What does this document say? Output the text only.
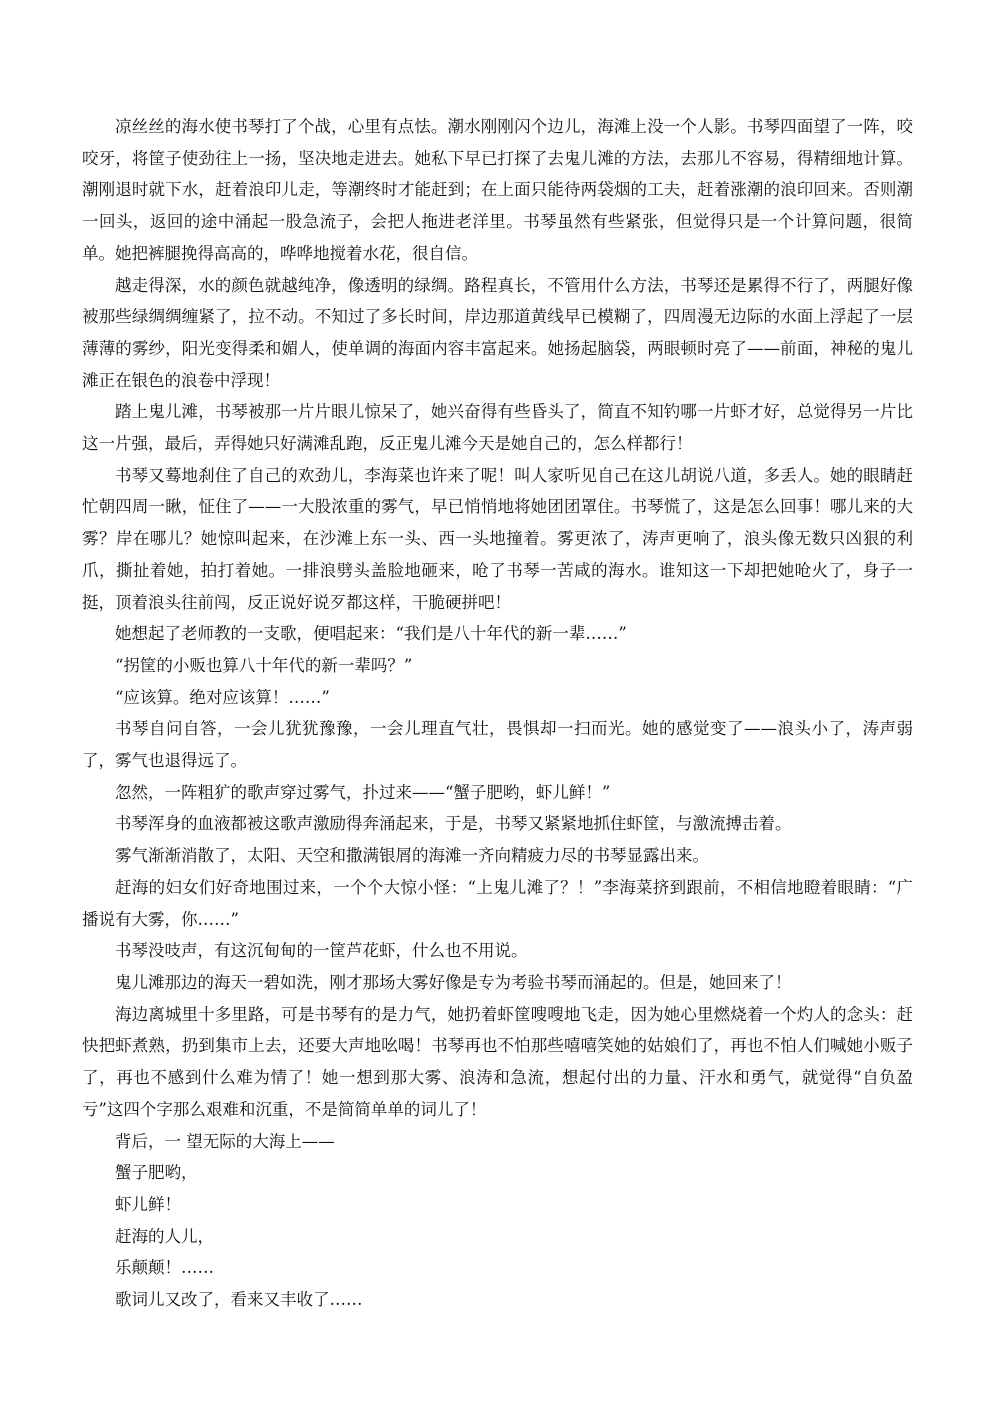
凉丝丝的海水使书琴打了个战，心里有点怯。潮水刚刚闪个边儿，海滩上没一个人影。书琴四面望了一阵，咬咬牙，将筐子使劲往上一扬，坚决地走进去。她私下早已打探了去鬼儿滩的方法，去那儿不容易，得精细地计算。潮刚退时就下水，赶着浪印儿走，等潮终时才能赶到；在上面只能待两袋烟的工夫，赶着涨潮的浪印回来。否则潮一回头，返回的途中涌起一股急流子，会把人拖进老洋里。书琴虽然有些紧张，但觉得只是一个计算问题，很简单。她把裤腿挽得高高的，哗哗地搅着水花，很自信。

越走得深，水的颜色就越纯净，像透明的绿绸。路程真长，不管用什么方法，书琴还是累得不行了，两腿好像被那些绿绸绸缠紧了，拉不动。不知过了多长时间，岸边那道黄线早已模糊了，四周漫无边际的水面上浮起了一层薄薄的雾纱，阳光变得柔和媚人，使单调的海面内容丰富起来。她扬起脑袋，两眼顿时亮了——前面，神秘的鬼儿滩正在银色的浪卷中浮现！

踏上鬼儿滩，书琴被那一片片眼儿惊呆了，她兴奋得有些昏头了，简直不知钓哪一片虾才好，总觉得另一片比这一片强，最后，弄得她只好满滩乱跑，反正鬼儿滩今天是她自己的，怎么样都行！

书琴又蓦地刹住了自己的欢劲儿，李海菜也许来了呢！叫人家听见自己在这儿胡说八道，多丢人。她的眼睛赶忙朝四周一瞅，怔住了——一大股浓重的雾气，早已悄悄地将她团团罩住。书琴慌了，这是怎么回事！哪儿来的大雾？岸在哪儿？她惊叫起来，在沙滩上东一头、西一头地撞着。雾更浓了，涛声更响了，浪头像无数只凶狠的利爪，撕扯着她，拍打着她。一排浪劈头盖脸地砸来，呛了书琴一苦咸的海水。谁知这一下却把她呛火了，身子一挺，顶着浪头往前闯，反正说好说歹都这样，干脆硬拼吧！

她想起了老师教的一支歌，便唱起来：“我们是八十年代的新一辈……”

“拐筐的小贩也算八十年代的新一辈吗？”

“应该算。绝对应该算！……”

书琴自问自答，一会儿犹犹豫豫，一会儿理直气壮，畏惧却一扫而光。她的感觉变了——浪头小了，涛声弱了，雾气也退得远了。

忽然，一阵粗犷的歌声穿过雾气，扑过来——“蟹子肥哟，虾儿鲜！”

书琴浑身的血液都被这歌声激励得奔涌起来，于是，书琴又紧紧地抓住虾筐，与激流搏击着。

雾气渐渐消散了，太阳、天空和撒满银屑的海滩一齐向精疲力尽的书琴显露出来。

赶海的妇女们好奇地围过来，一个个大惊小怪：“上鬼儿滩了？！”李海菜挤到跟前，不相信地瞪着眼睛：“广播说有大雾，你……”

书琴没吱声，有这沉甸甸的一筐芦花虾，什么也不用说。

鬼儿滩那边的海天一碧如洗，刚才那场大雾好像是专为考验书琴而涌起的。但是，她回来了！

海边离城里十多里路，可是书琴有的是力气，她扔着虾筐嗖嗖地飞走，因为她心里燃烧着一个灼人的念头：赶快把虾煮熟，扔到集市上去，还要大声地吆喝！书琴再也不怕那些嘻嘻笑她的姑娘们了，再也不怕人们喊她小贩子了，再也不感到什么难为情了！她一想到那大雾、浪涛和急流，想起付出的力量、汗水和勇气，就觉得“自负盈亏”这四个字那么艰难和沉重，不是简简单单的词儿了！

背后，一 望无际的大海上——

蟹子肥哟，

虾儿鲜！

赶海的人儿，

乐颠颠！……

歌词儿又改了，看来又丰收了……
